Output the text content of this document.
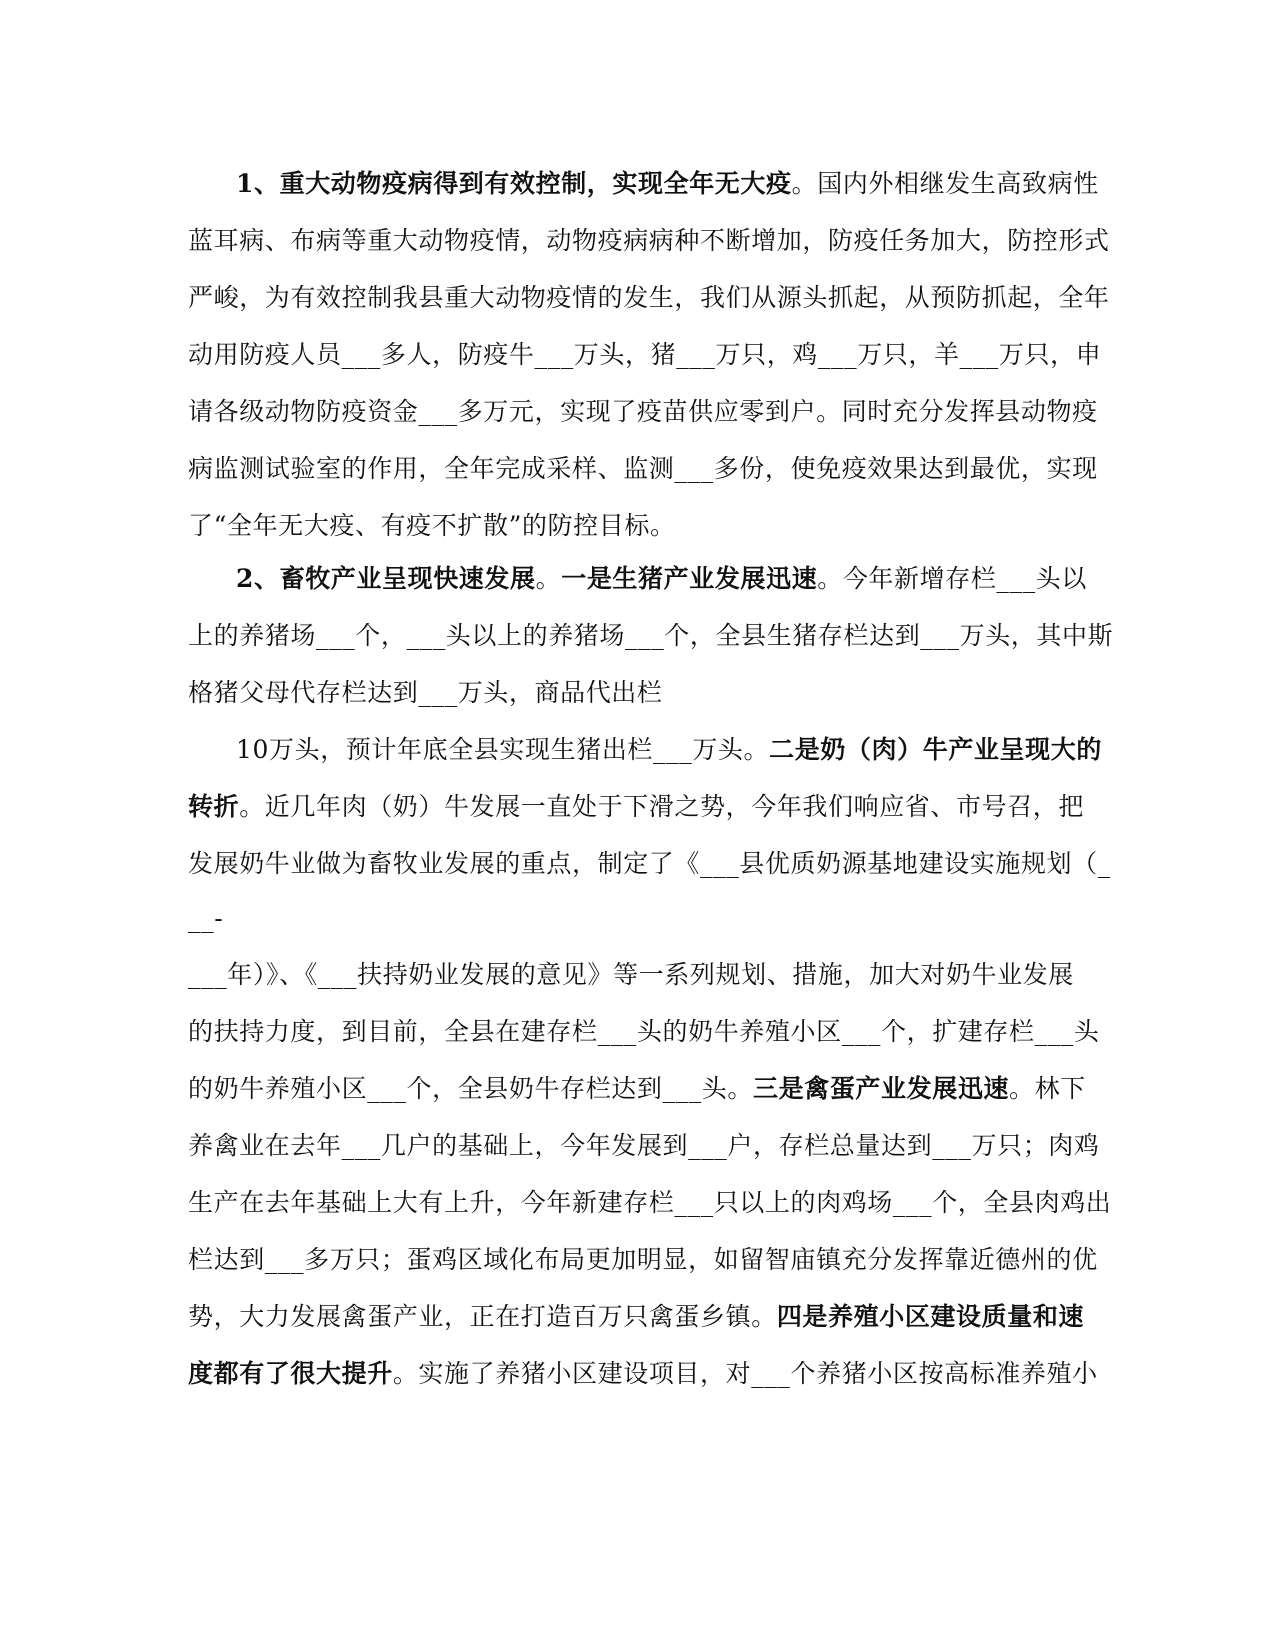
1、重大动物疫病得到有效控制，实现全年无大疫。国内外相继发生高致病性
蓝耳病、布病等重大动物疫情，动物疫病病种不断增加，防疫任务加大，防控形式
严峻，为有效控制我县重大动物疫情的发生，我们从源头抓起，从预防抓起，全年
动用防疫人员___多人，防疫牛___万头，猪___万只，鸡___万只，羊___万只，申
请各级动物防疫资金___多万元，实现了疫苗供应零到户。同时充分发挥县动物疫
病监测试验室的作用，全年完成采样、监测___多份，使免疫效果达到最优，实现
了“全年无大疫、有疫不扩散”的防控目标。
2、畜牧产业呈现快速发展。一是生猪产业发展迅速。今年新增存栏___头以
上的养猪场___个，___头以上的养猪场___个，全县生猪存栏达到___万头，其中斯
格猪父母代存栏达到___万头，商品代出栏
10万头，预计年底全县实现生猪出栏___万头。二是奶（肉）牛产业呈现大的
转折。近几年肉（奶）牛发展一直处于下滑之势，今年我们响应省、市号召，把
发展奶牛业做为畜牧业发展的重点，制定了《___县优质奶源基地建设实施规划（_
__-
___年）》、《___扶持奶业发展的意见》等一系列规划、措施，加大对奶牛业发展
的扶持力度，到目前，全县在建存栏___头的奶牛养殖小区___个，扩建存栏___头
的奶牛养殖小区___个，全县奶牛存栏达到___头。三是禽蛋产业发展迅速。林下
养禽业在去年___几户的基础上，今年发展到___户，存栏总量达到___万只；肉鸡
生产在去年基础上大有上升，今年新建存栏___只以上的肉鸡场___个，全县肉鸡出
栏达到___多万只；蛋鸡区域化布局更加明显，如留智庙镇充分发挥靠近德州的优
势，大力发展禽蛋产业，正在打造百万只禽蛋乡镇。四是养殖小区建设质量和速
度都有了很大提升。实施了养猪小区建设项目，对___个养猪小区按高标准养殖小
